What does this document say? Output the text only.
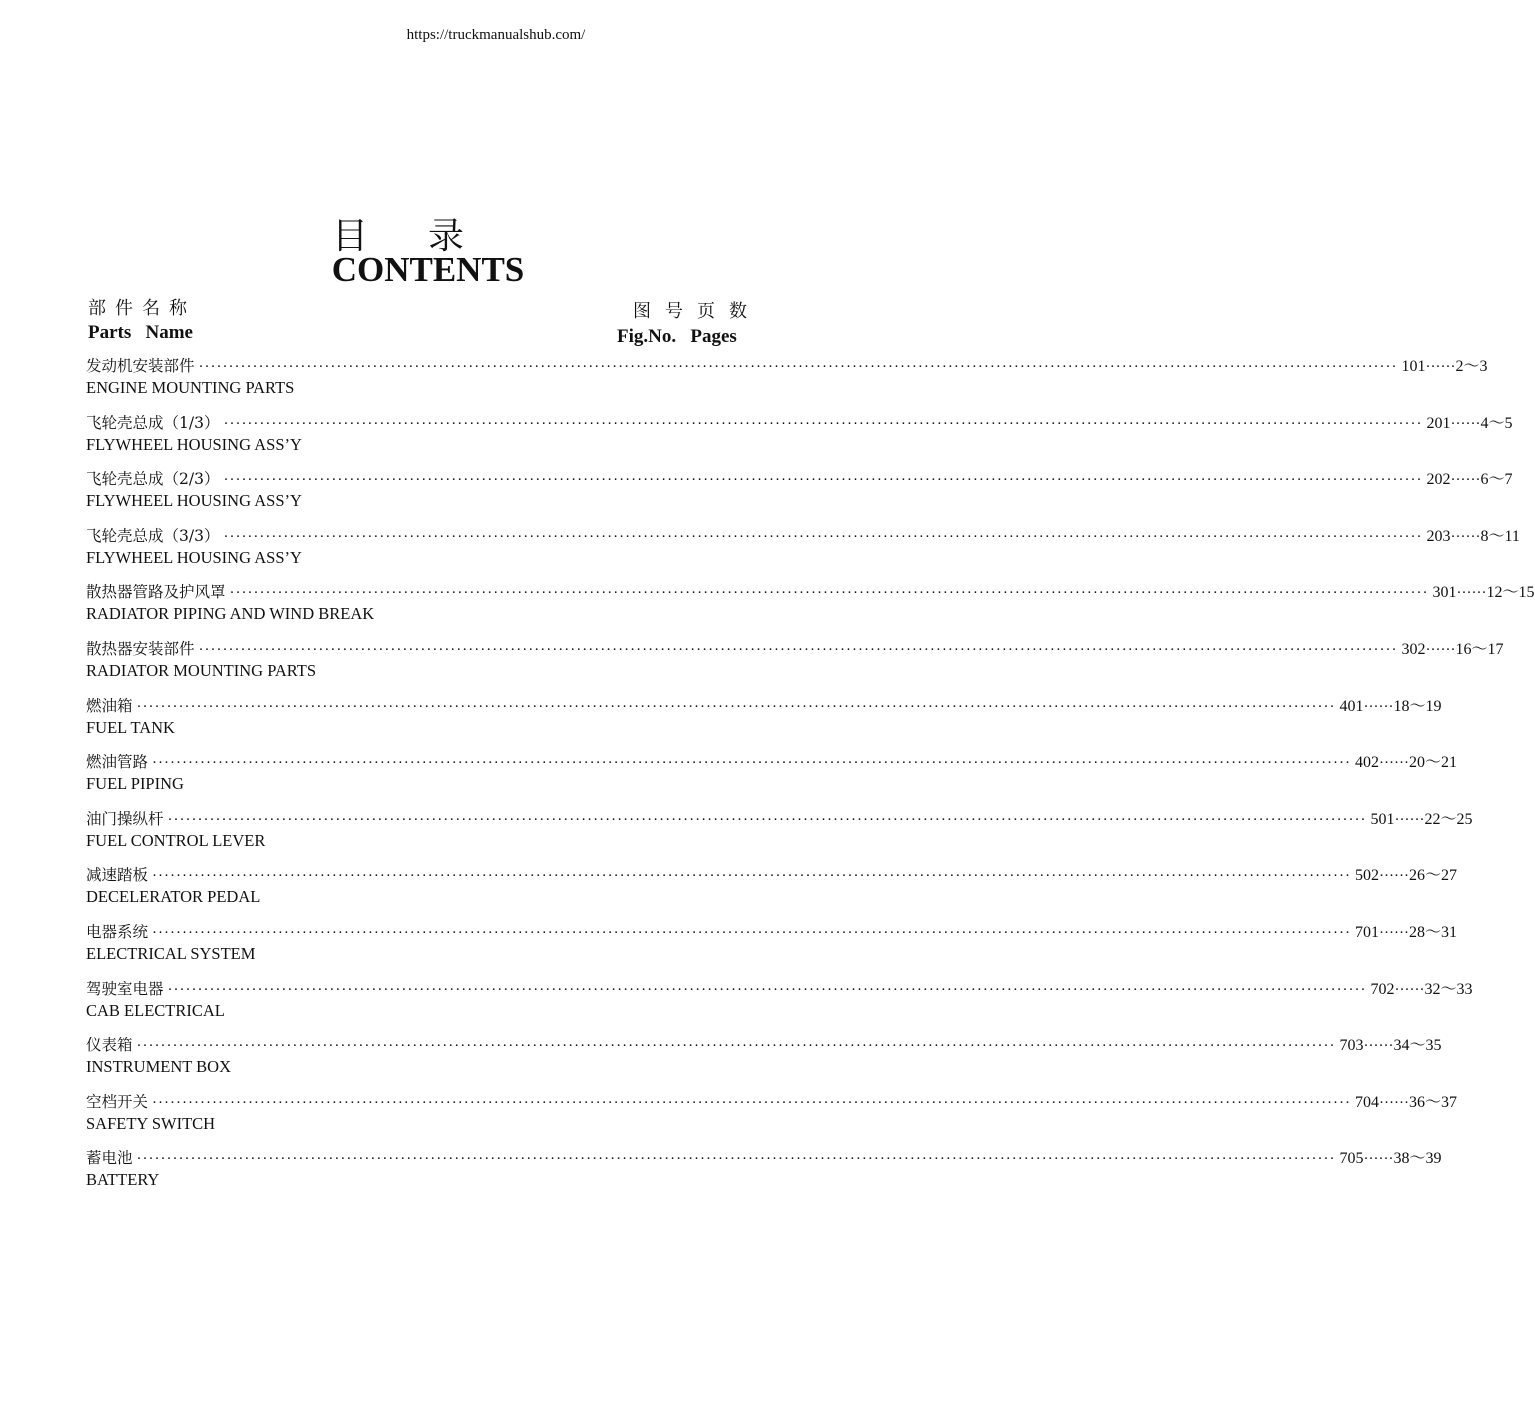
https://truckmanualshub.com/
目录
CONTENTS
部件名称
Parts   Name
图号页数
Fig.No.   Pages
发动机安装部件 ········································································································································································································ 101 ······ 2～3
ENGINE MOUNTING PARTS
飞轮壳总成（1/3） ········································································································································································································ 201 ······ 4～5
FLYWHEEL HOUSING ASS’Y
飞轮壳总成（2/3） ········································································································································································································ 202 ······ 6～7
FLYWHEEL HOUSING ASS’Y
飞轮壳总成（3/3） ········································································································································································································ 203 ······ 8～11
FLYWHEEL HOUSING ASS’Y
散热器管路及护风罩 ········································································································································································································ 301 ······ 12～15
RADIATOR PIPING AND WIND BREAK
散热器安装部件 ········································································································································································································ 302 ······ 16～17
RADIATOR MOUNTING PARTS
燃油箱 ········································································································································································································ 401 ······ 18～19
FUEL TANK
燃油管路 ········································································································································································································ 402 ······ 20～21
FUEL PIPING
油门操纵杆 ········································································································································································································ 501 ······ 22～25
FUEL CONTROL LEVER
减速踏板 ········································································································································································································ 502 ······ 26～27
DECELERATOR PEDAL
电器系统 ········································································································································································································ 701 ······ 28～31
ELECTRICAL SYSTEM
驾驶室电器 ········································································································································································································ 702 ······ 32～33
CAB ELECTRICAL
仪表箱 ········································································································································································································ 703 ······ 34～35
INSTRUMENT BOX
空档开关 ········································································································································································································ 704 ······ 36～37
SAFETY SWITCH
蓄电池 ········································································································································································································ 705 ······ 38～39
BATTERY
